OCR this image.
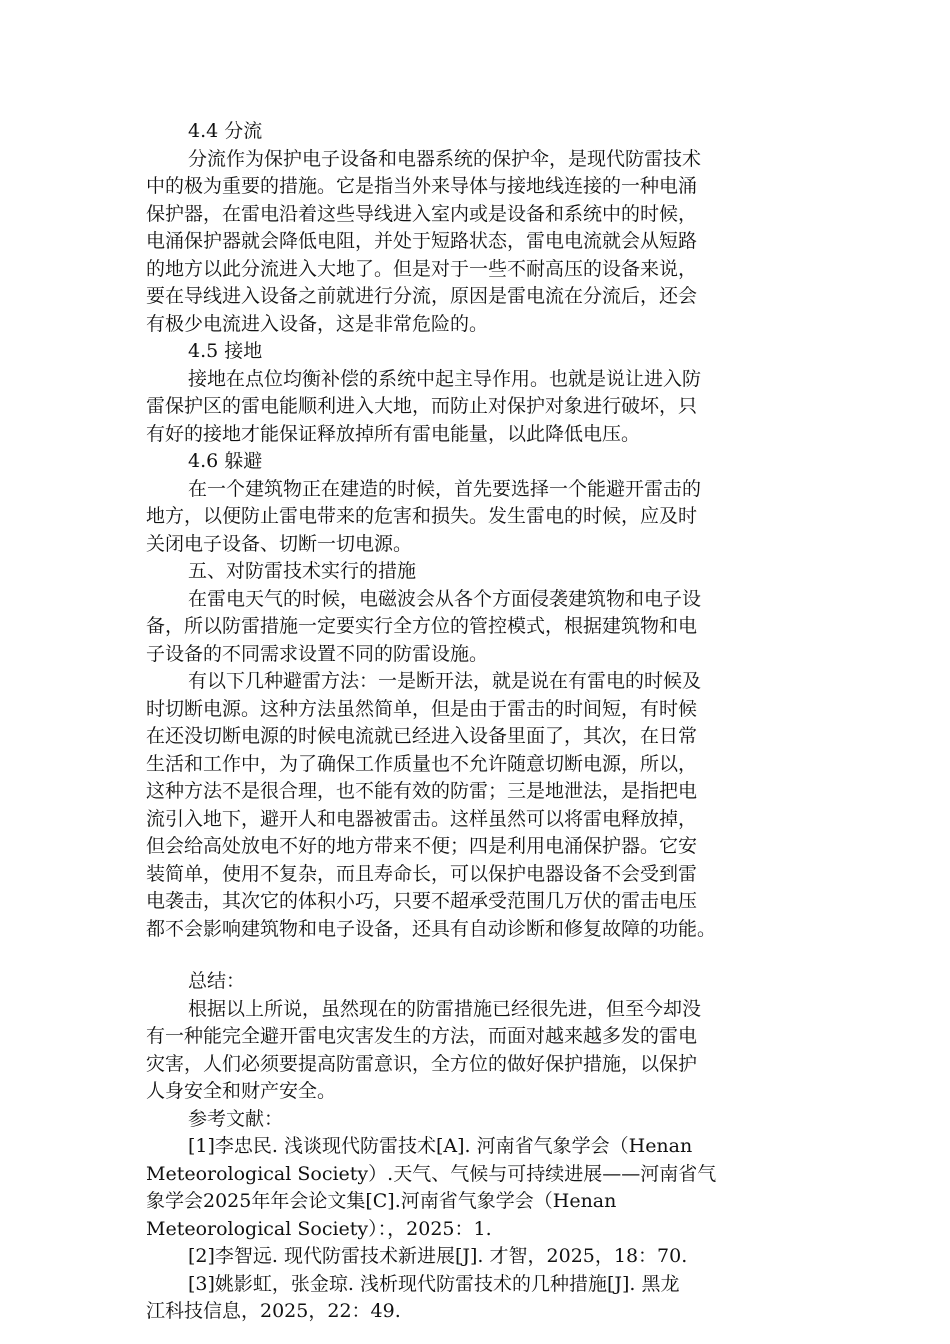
4.4 分流
分流作为保护电子设备和电器系统的保护伞，是现代防雷技术
中的极为重要的措施。它是指当外来导体与接地线连接的一种电涌
保护器，在雷电沿着这些导线进入室内或是设备和系统中的时候，
电涌保护器就会降低电阻，并处于短路状态，雷电电流就会从短路
的地方以此分流进入大地了。但是对于一些不耐高压的设备来说，
要在导线进入设备之前就进行分流，原因是雷电流在分流后，还会
有极少电流进入设备，这是非常危险的。
4.5 接地
接地在点位均衡补偿的系统中起主导作用。也就是说让进入防
雷保护区的雷电能顺利进入大地，而防止对保护对象进行破坏，只
有好的接地才能保证释放掉所有雷电能量，以此降低电压。
4.6 躲避
在一个建筑物正在建造的时候，首先要选择一个能避开雷击的
地方，以便防止雷电带来的危害和损失。发生雷电的时候，应及时
关闭电子设备、切断一切电源。
五、对防雷技术实行的措施
在雷电天气的时候，电磁波会从各个方面侵袭建筑物和电子设
备，所以防雷措施一定要实行全方位的管控模式，根据建筑物和电
子设备的不同需求设置不同的防雷设施。
有以下几种避雷方法：一是断开法，就是说在有雷电的时候及
时切断电源。这种方法虽然简单，但是由于雷击的时间短，有时候
在还没切断电源的时候电流就已经进入设备里面了，其次，在日常
生活和工作中，为了确保工作质量也不允许随意切断电源，所以，
这种方法不是很合理，也不能有效的防雷；三是地泄法，是指把电
流引入地下，避开人和电器被雷击。这样虽然可以将雷电释放掉，
但会给高处放电不好的地方带来不便；四是利用电涌保护器。它安
装简单，使用不复杂，而且寿命长，可以保护电器设备不会受到雷
电袭击，其次它的体积小巧，只要不超承受范围几万伏的雷击电压
都不会影响建筑物和电子设备，还具有自动诊断和修复故障的功能。
总结：
根据以上所说，虽然现在的防雷措施已经很先进，但至今却没
有一种能完全避开雷电灾害发生的方法，而面对越来越多发的雷电
灾害，人们必须要提高防雷意识，全方位的做好保护措施，以保护
人身安全和财产安全。
参考文献：
[1]李忠民. 浅谈现代防雷技术[A]. 河南省气象学会（Henan
Meteorological Society）.天气、气候与可持续进展——河南省气
象学会2025年年会论文集[C].河南省气象学会（Henan
Meteorological Society）：，2025：1.
[2]李智远. 现代防雷技术新进展[J]. 才智，2025，18：70.
[3]姚影虹，张金琼. 浅析现代防雷技术的几种措施[J]. 黑龙
江科技信息，2025，22：49.
